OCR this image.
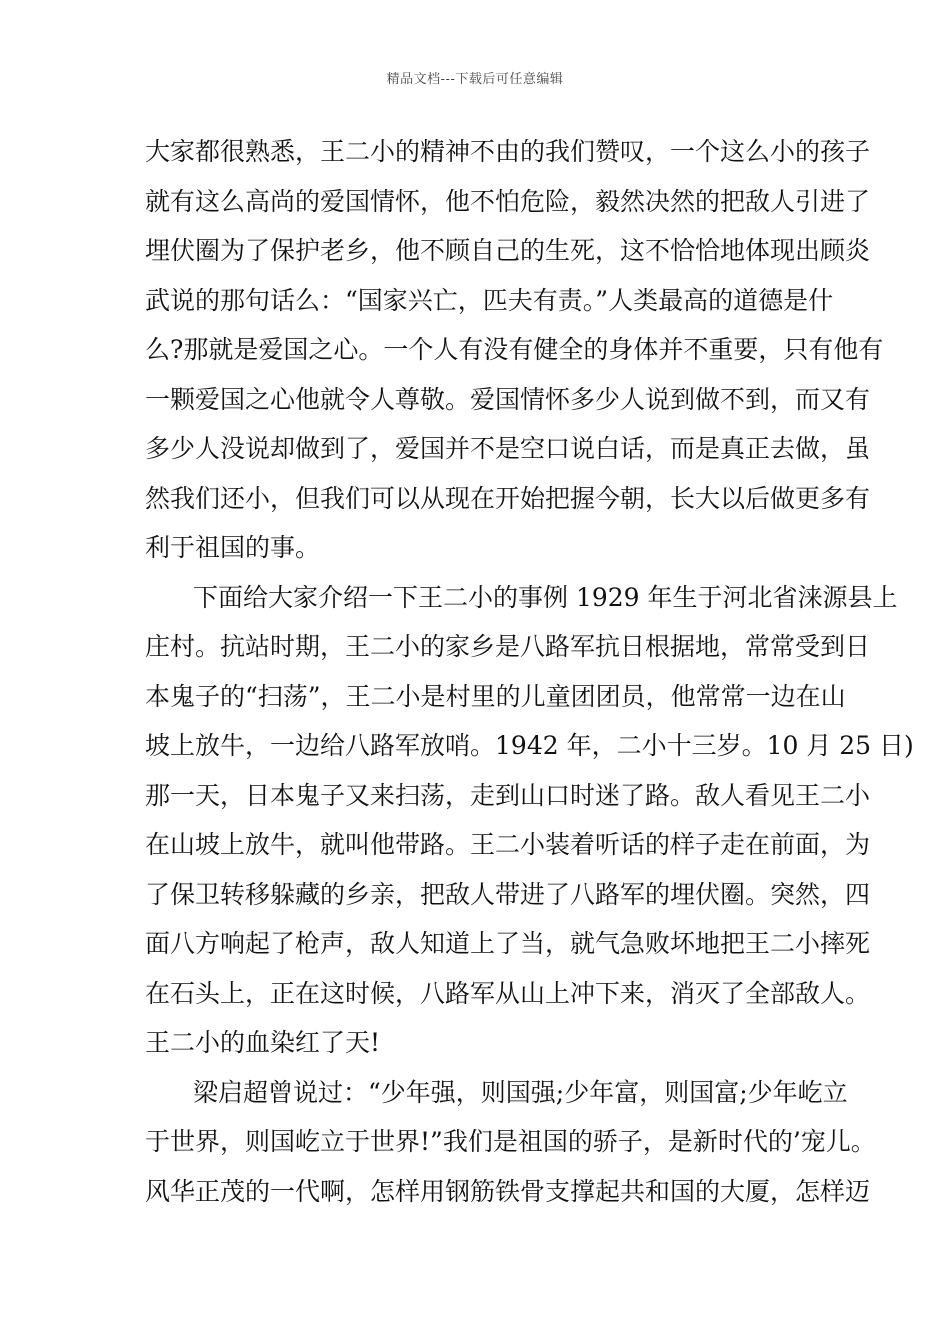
精品文档---下载后可任意编辑
大家都很熟悉，王二小的精神不由的我们赞叹，一个这么小的孩子
就有这么高尚的爱国情怀，他不怕危险，毅然决然的把敌人引进了
埋伏圈为了保护老乡，他不顾自己的生死，这不恰恰地体现出顾炎
武说的那句话么：“国家兴亡，匹夫有责。”人类最高的道德是什
么?那就是爱国之心。一个人有没有健全的身体并不重要，只有他有
一颗爱国之心他就令人尊敬。爱国情怀多少人说到做不到，而又有
多少人没说却做到了，爱国并不是空口说白话，而是真正去做，虽
然我们还小，但我们可以从现在开始把握今朝，长大以后做更多有
利于祖国的事。
下面给大家介绍一下王二小的事例 1929 年生于河北省涞源县上
庄村。抗站时期，王二小的家乡是八路军抗日根据地，常常受到日
本鬼子的“扫荡”，王二小是村里的儿童团团员，他常常一边在山
坡上放牛，一边给八路军放哨。1942 年，二小十三岁。10 月 25 日)
那一天，日本鬼子又来扫荡，走到山口时迷了路。敌人看见王二小
在山坡上放牛，就叫他带路。王二小装着听话的样子走在前面，为
了保卫转移躲藏的乡亲，把敌人带进了八路军的埋伏圈。突然，四
面八方响起了枪声，敌人知道上了当，就气急败坏地把王二小摔死
在石头上，正在这时候，八路军从山上冲下来，消灭了全部敌人。
王二小的血染红了天!
梁启超曾说过：“少年强，则国强;少年富，则国富;少年屹立
于世界，则国屹立于世界!”我们是祖国的骄子，是新时代的’宠儿。
风华正茂的一代啊，怎样用钢筋铁骨支撑起共和国的大厦，怎样迈
